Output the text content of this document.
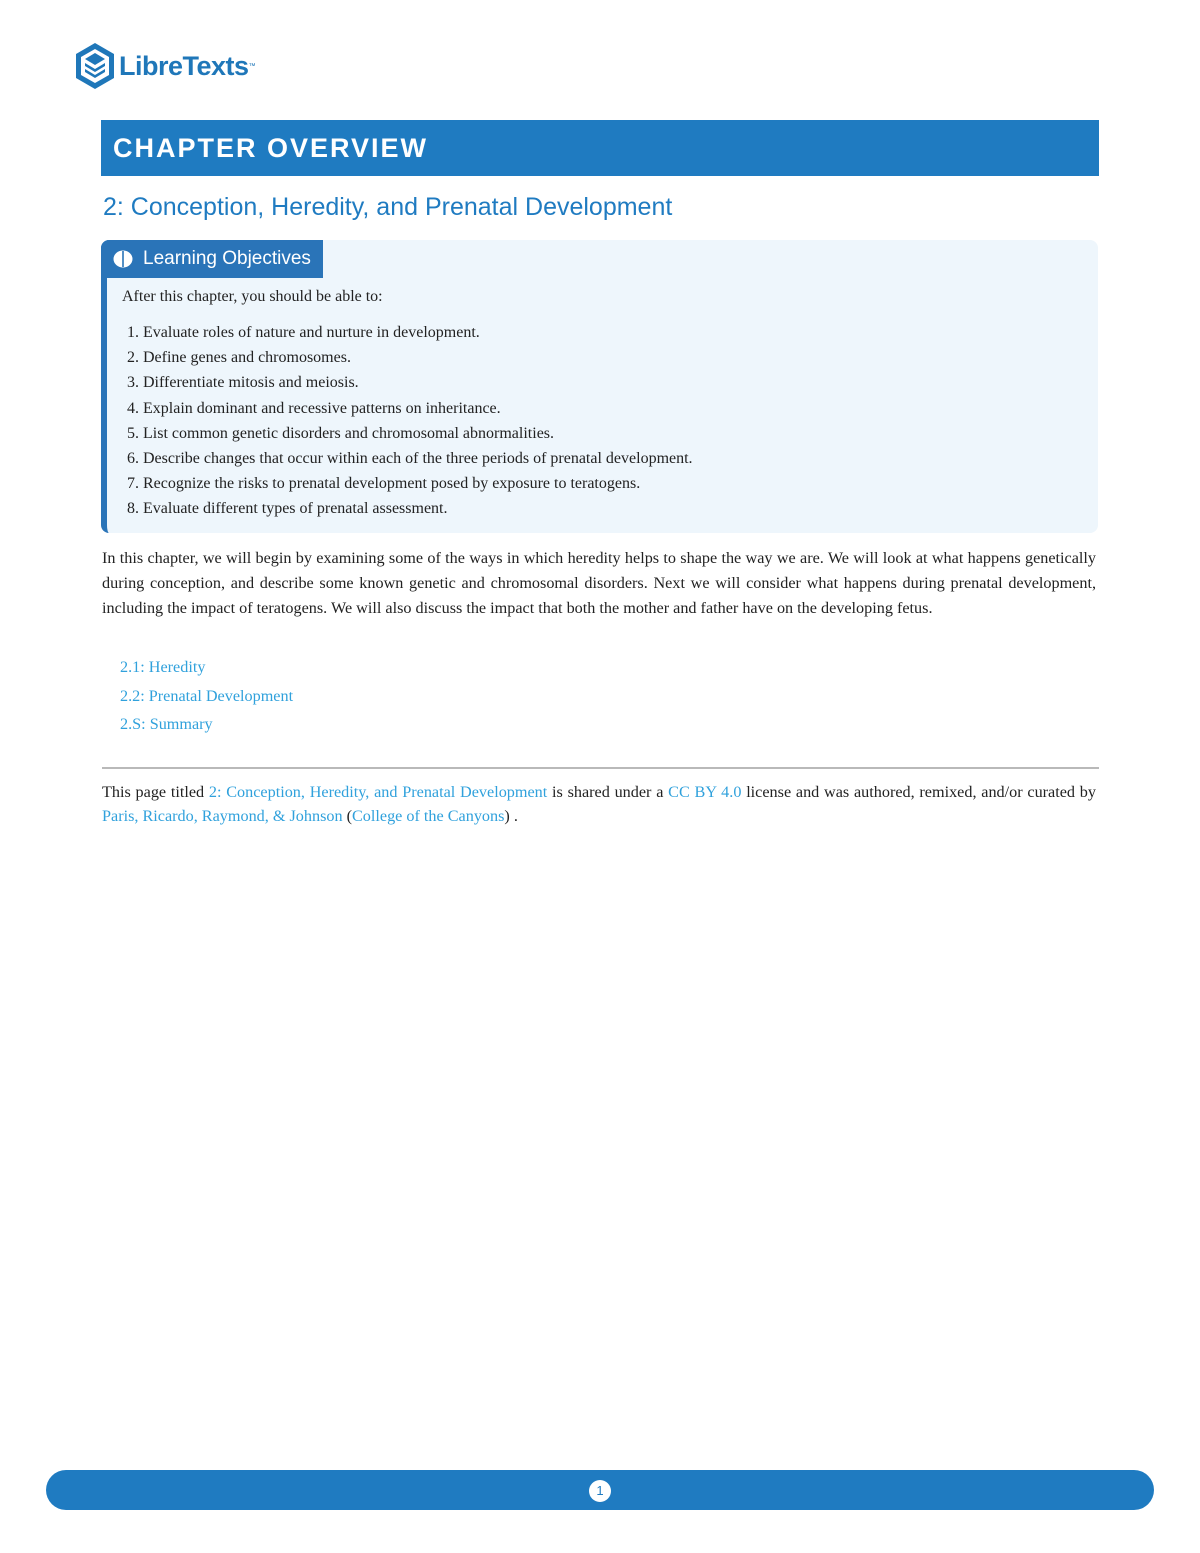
LibreTexts ™
CHAPTER OVERVIEW
2: Conception, Heredity, and Prenatal Development
Learning Objectives
After this chapter, you should be able to:
1. Evaluate roles of nature and nurture in development.
2. Define genes and chromosomes.
3. Differentiate mitosis and meiosis.
4. Explain dominant and recessive patterns on inheritance.
5. List common genetic disorders and chromosomal abnormalities.
6. Describe changes that occur within each of the three periods of prenatal development.
7. Recognize the risks to prenatal development posed by exposure to teratogens.
8. Evaluate different types of prenatal assessment.

In this chapter, we will begin by examining some of the ways in which heredity helps to shape the way we are. We will look at what happens genetically during conception, and describe some known genetic and chromosomal disorders. Next we will consider what happens during prenatal development, including the impact of teratogens. We will also discuss the impact that both the mother and father have on the developing fetus.

2.1: Heredity
2.2: Prenatal Development
2.S: Summary

This page titled 2: Conception, Heredity, and Prenatal Development is shared under a CC BY 4.0 license and was authored, remixed, and/or curated by Paris, Ricardo, Raymond, & Johnson (College of the Canyons) .

1
